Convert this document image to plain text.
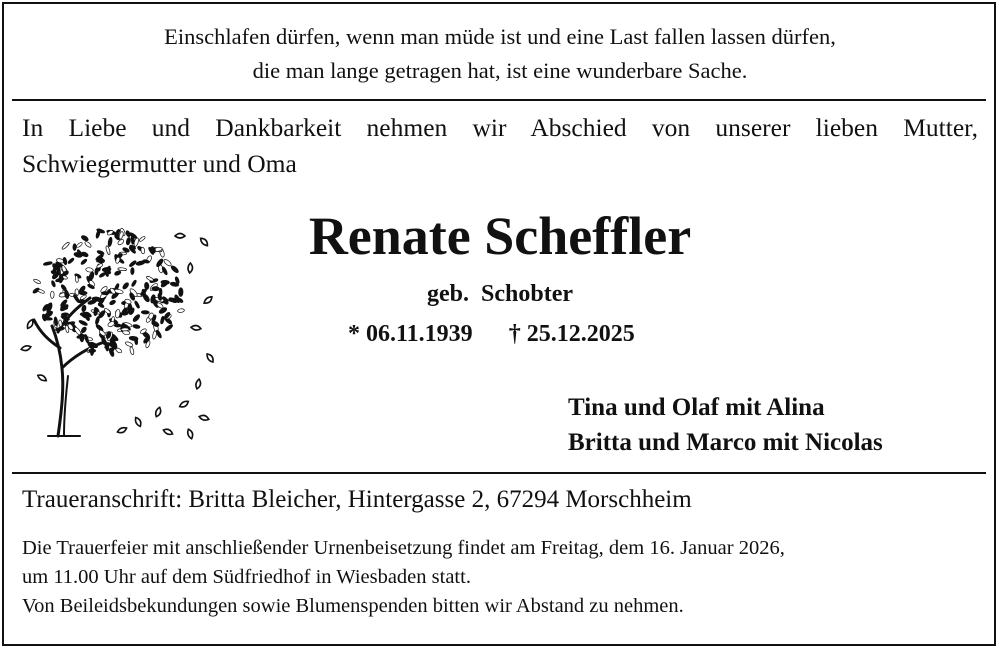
Einschlafen dürfen, wenn man müde ist und eine Last fallen lassen dürfen,
die man lange getragen hat, ist eine wunderbare Sache.
In Liebe und Dankbarkeit nehmen wir Abschied von unserer lieben Mutter,
Schwiegermutter und Oma
Renate Scheffler
geb. Schobter
* 06.11.1939 † 25.12.2025
Tina und Olaf mit Alina
Britta und Marco mit Nicolas
Traueranschrift: Britta Bleicher, Hintergasse 2, 67294 Morschheim
Die Trauerfeier mit anschließender Urnenbeisetzung findet am Freitag, dem 16. Januar 2026,
um 11.00 Uhr auf dem Südfriedhof in Wiesbaden statt.
Von Beileidsbekundungen sowie Blumenspenden bitten wir Abstand zu nehmen.
